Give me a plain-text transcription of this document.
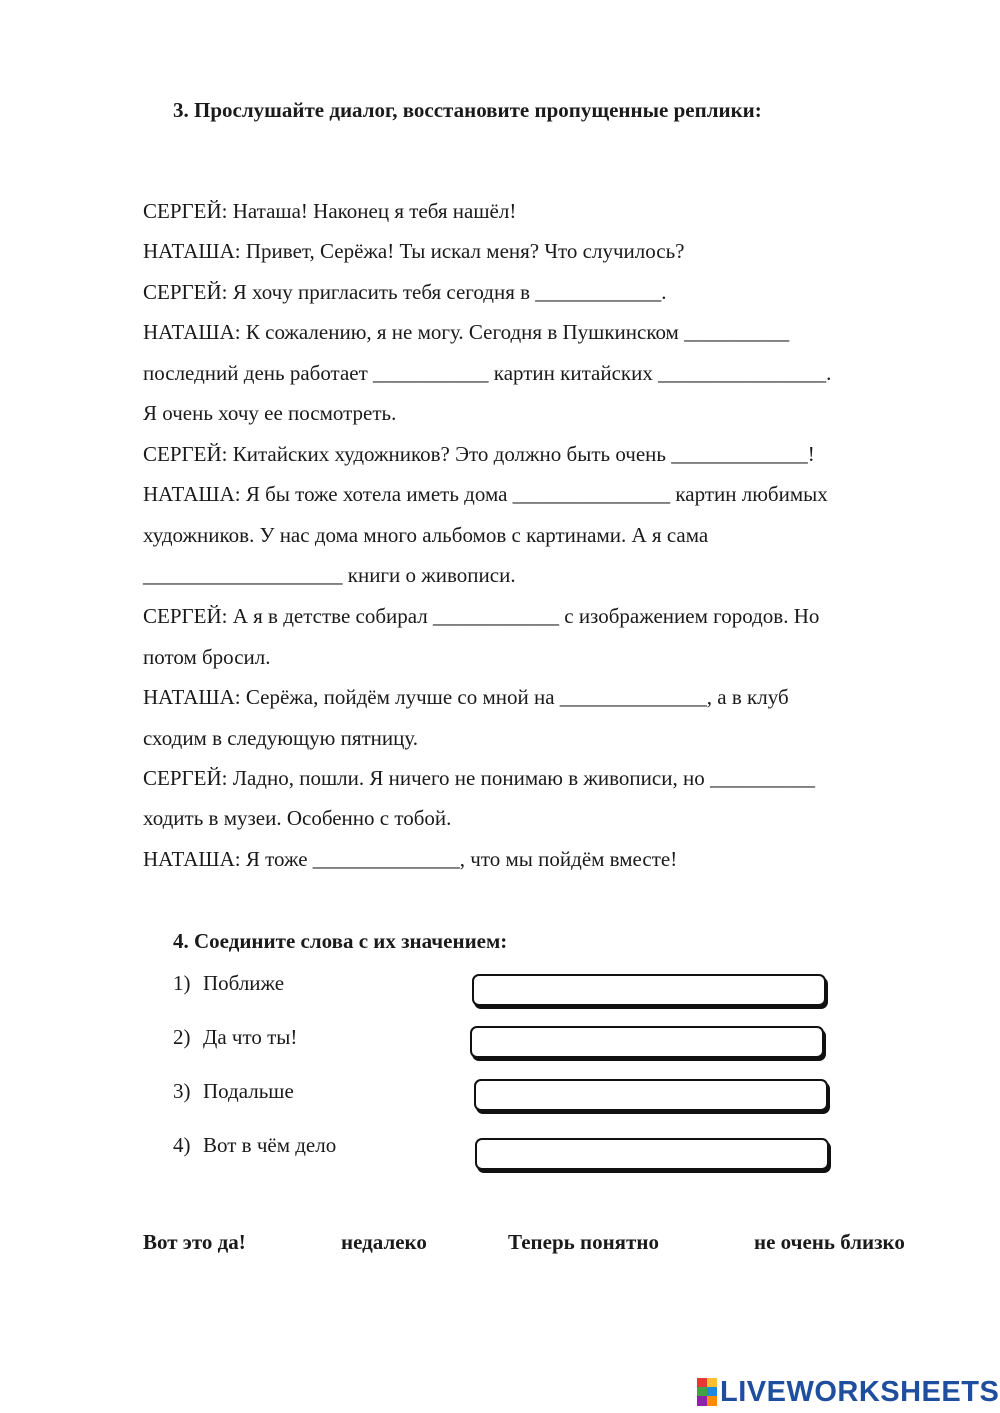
3. Прослушайте диалог, восстановите пропущенные реплики:
СЕРГЕЙ: Наташа! Наконец я тебя нашёл!
НАТАША: Привет, Серёжа! Ты искал меня? Что случилось?
СЕРГЕЙ: Я хочу пригласить тебя сегодня в ____________.
НАТАША: К сожалению, я не могу. Сегодня в Пушкинском __________
последний день работает ___________ картин китайских ________________.
Я очень хочу ее посмотреть.
СЕРГЕЙ: Китайских художников? Это должно быть очень _____________!
НАТАША: Я бы тоже хотела иметь дома _______________ картин любимых
художников. У нас дома много альбомов с картинами. А я сама
___________________ книги о живописи.
СЕРГЕЙ: А я в детстве собирал ____________ с изображением городов. Но
потом бросил.
НАТАША: Серёжа, пойдём лучше со мной на ______________, а в клуб
сходим в следующую пятницу.
СЕРГЕЙ: Ладно, пошли. Я ничего не понимаю в живописи, но __________
ходить в музеи. Особенно с тобой.
НАТАША: Я тоже ______________, что мы пойдём вместе!
4. Соедините слова с их значением:
1) Поближе
2) Да что ты!
3) Подальше
4) Вот в чём дело
Вот это да!	недалеко	Теперь понятно	не очень близко
LIVEWORKSHEETS
